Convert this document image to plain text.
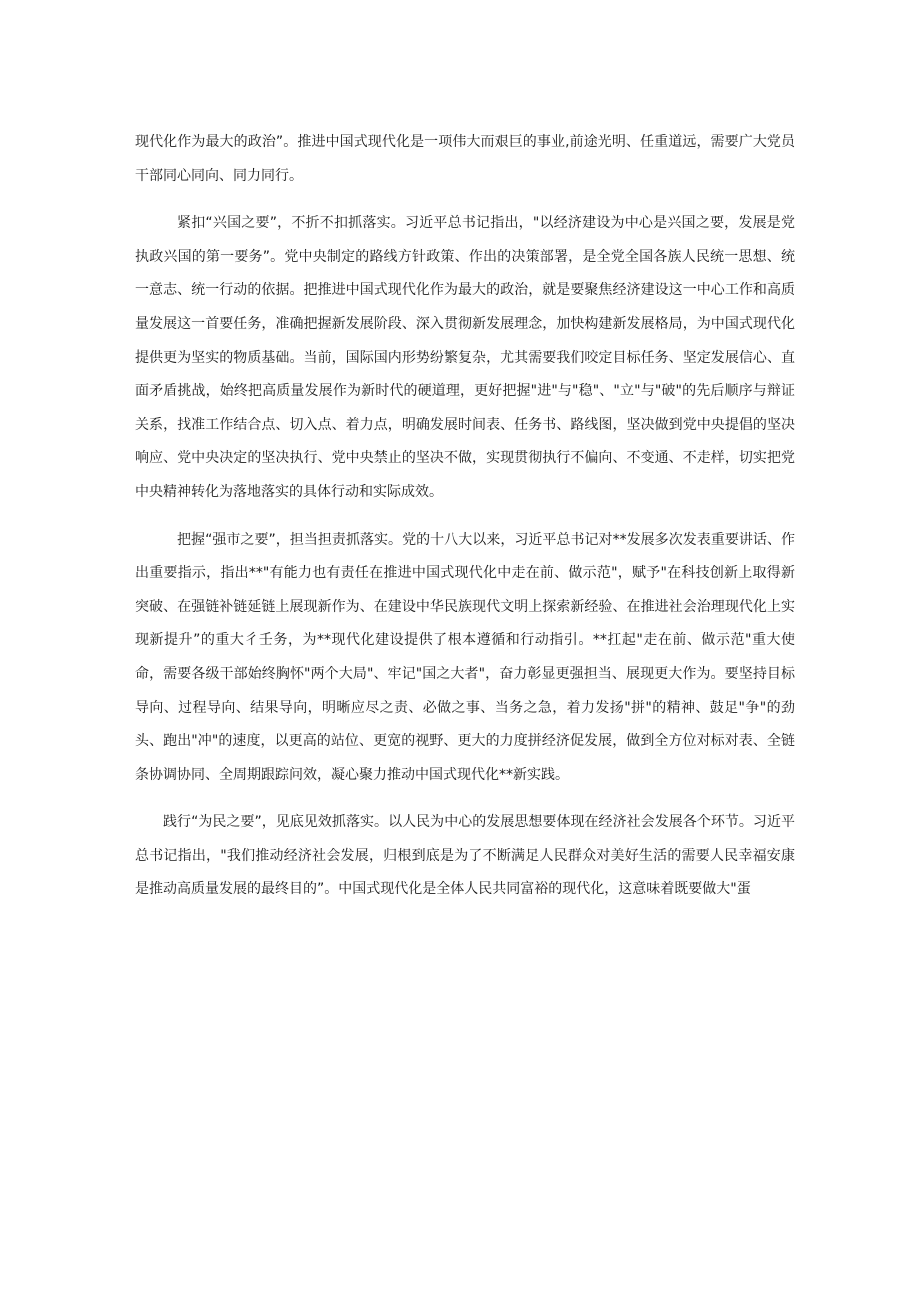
现代化作为最大的政治”。推进中国式现代化是一项伟大而艰巨的事业,前途光明、任重道远，需要广大党员干部同心同向、同力同行。

紧扣“兴国之要”，不折不扣抓落实。习近平总书记指出，"以经济建设为中心是兴国之要，发展是党执政兴国的第一要务”。党中央制定的路线方针政策、作出的决策部署，是全党全国各族人民统一思想、统一意志、统一行动的依据。把推进中国式现代化作为最大的政治，就是要聚焦经济建设这一中心工作和高质量发展这一首要任务，准确把握新发展阶段、深入贯彻新发展理念，加快构建新发展格局，为中国式现代化提供更为坚实的物质基础。当前，国际国内形势纷繁复杂，尤其需要我们咬定目标任务、坚定发展信心、直面矛盾挑战，始终把高质量发展作为新时代的硬道理，更好把握"进"与"稳"、"立"与"破"的先后顺序与辩证关系，找准工作结合点、切入点、着力点，明确发展时间表、任务书、路线图，坚决做到党中央提倡的坚决响应、党中央决定的坚决执行、党中央禁止的坚决不做，实现贯彻执行不偏向、不变通、不走样，切实把党中央精神转化为落地落实的具体行动和实际成效。

把握“强市之要”，担当担责抓落实。党的十八大以来，习近平总书记对**发展多次发表重要讲话、作出重要指示，指出**"有能力也有责任在推进中国式现代化中走在前、做示范"，赋予"在科技创新上取得新突破、在强链补链延链上展现新作为、在建设中华民族现代文明上探索新经验、在推进社会治理现代化上实现新提升”的重大彳壬务，为**现代化建设提供了根本遵循和行动指引。**扛起"走在前、做示范"重大使命，需要各级干部始终胸怀"两个大局"、牢记"国之大者"，奋力彰显更强担当、展现更大作为。要坚持目标导向、过程导向、结果导向，明晰应尽之责、必做之事、当务之急，着力发扬"拼"的精神、鼓足"争"的劲头、跑出"冲"的速度，以更高的站位、更宽的视野、更大的力度拼经济促发展，做到全方位对标对表、全链条协调协同、全周期跟踪问效，凝心聚力推动中国式现代化**新实践。

践行“为民之要”，见底见效抓落实。以人民为中心的发展思想要体现在经济社会发展各个环节。习近平总书记指出，"我们推动经济社会发展，归根到底是为了不断满足人民群众对美好生活的需要人民幸福安康是推动高质量发展的最终目的”。中国式现代化是全体人民共同富裕的现代化，这意味着既要做大"蛋
